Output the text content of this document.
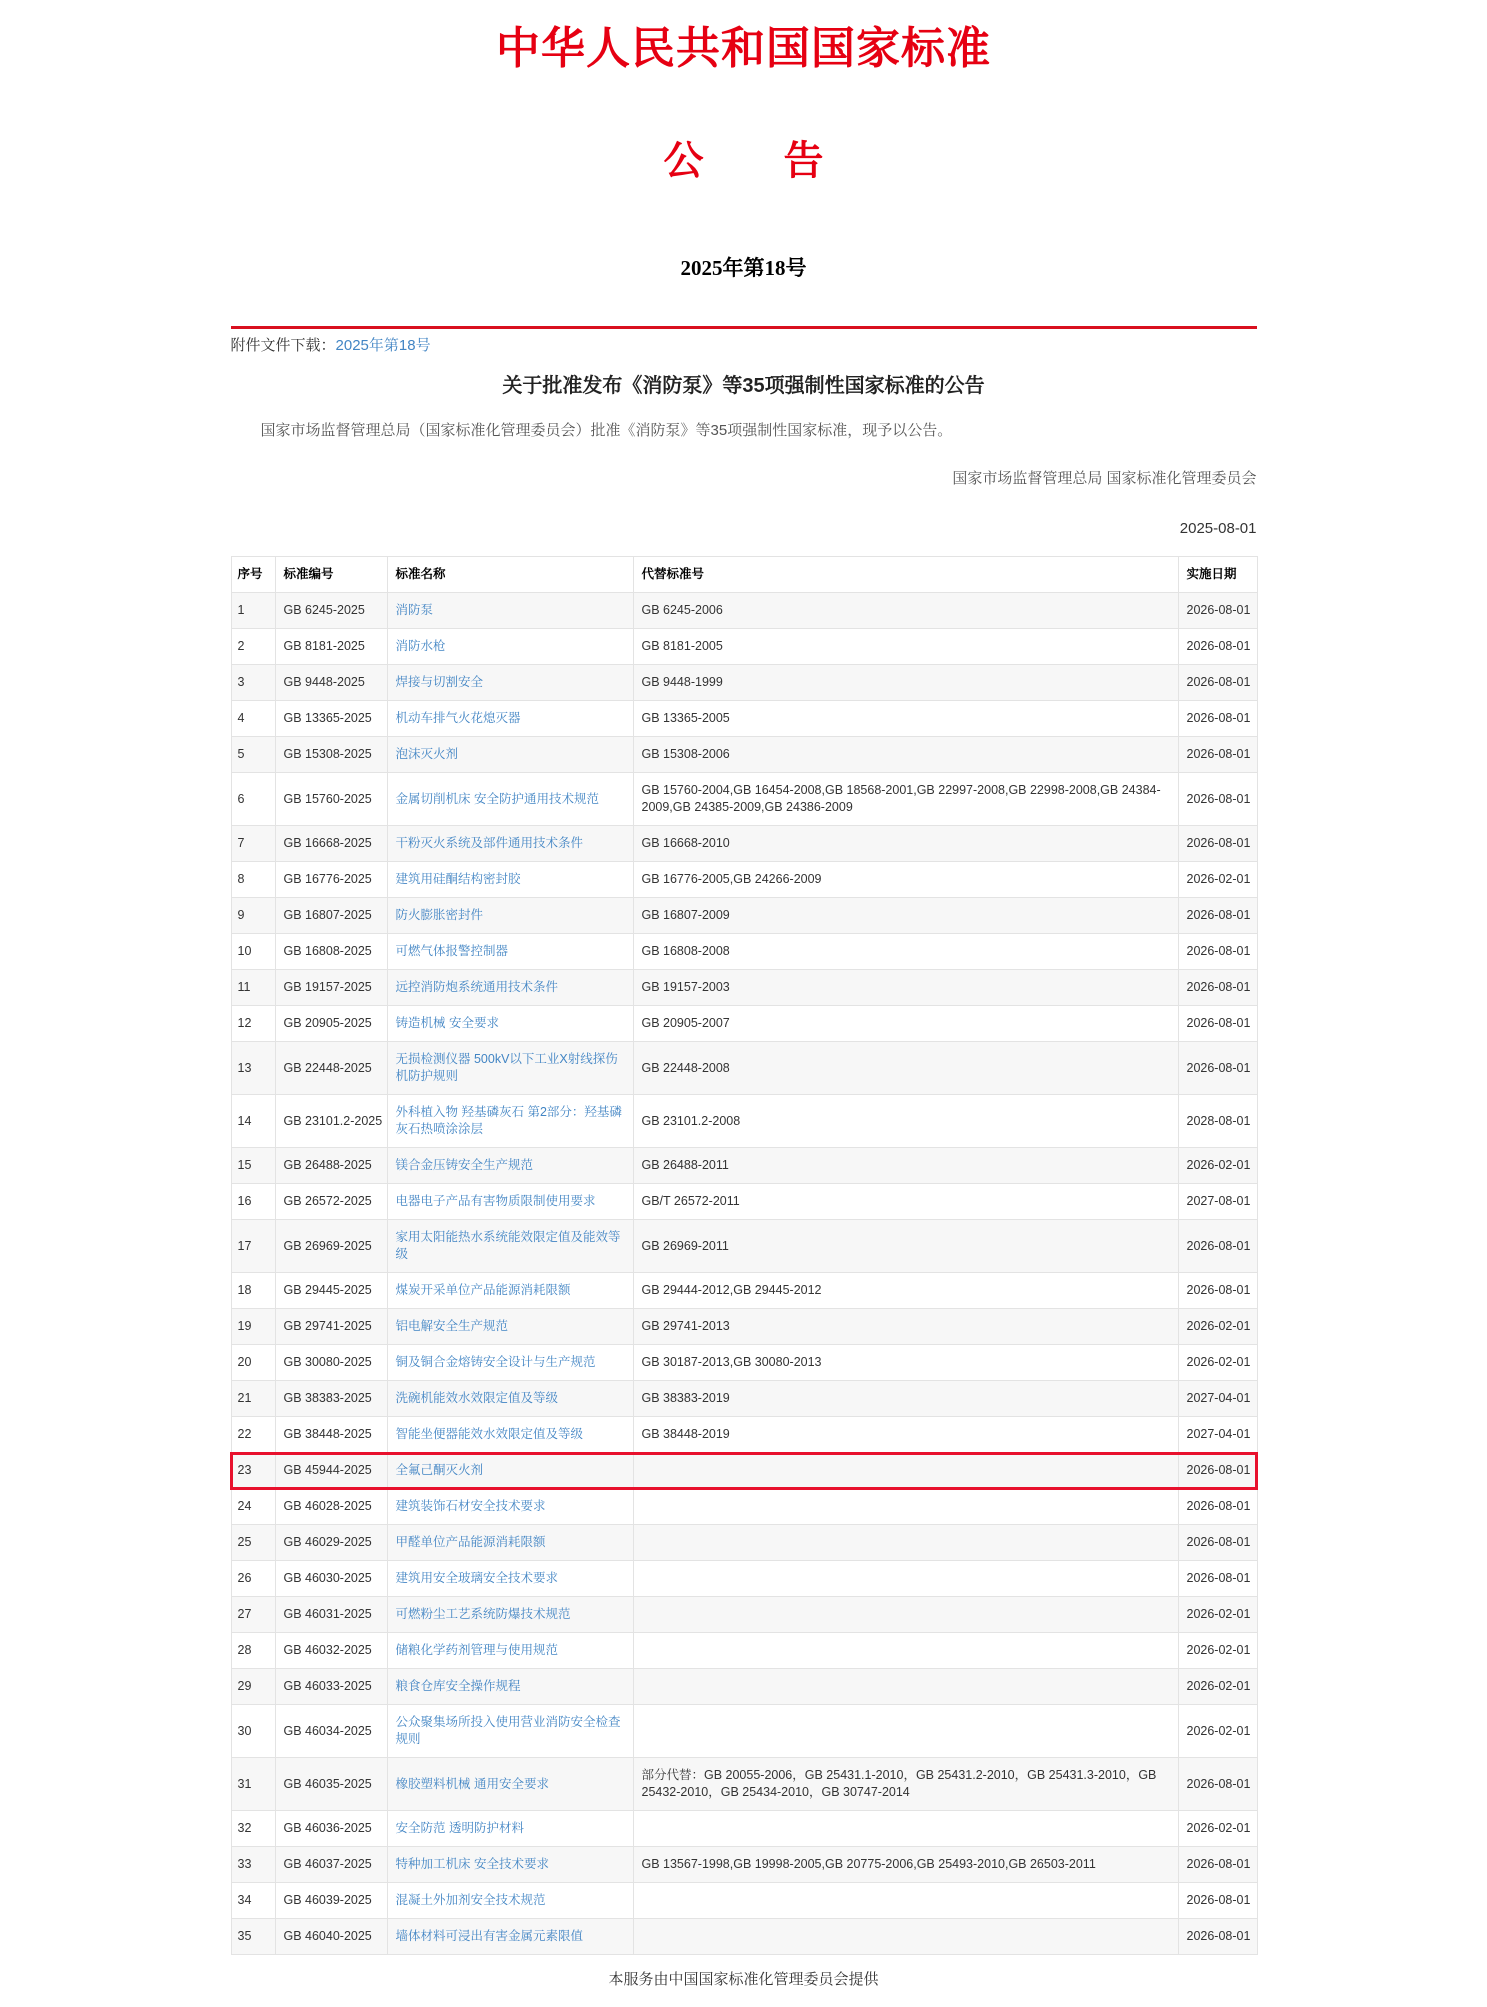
中华人民共和国国家标准
公　　告
2025年第18号
附件文件下载：2025年第18号
关于批准发布《消防泵》等35项强制性国家标准的公告

国家市场监督管理总局（国家标准化管理委员会）批准《消防泵》等35项强制性国家标准，现予以公告。

国家市场监督管理总局 国家标准化管理委员会
2025-08-01
序号	标准编号	标准名称	代替标准号	实施日期
1	GB 6245-2025	消防泵	GB 6245-2006	2026-08-01
2	GB 8181-2025	消防水枪	GB 8181-2005	2026-08-01
3	GB 9448-2025	焊接与切割安全	GB 9448-1999	2026-08-01
4	GB 13365-2025	机动车排气火花熄灭器	GB 13365-2005	2026-08-01
5	GB 15308-2025	泡沫灭火剂	GB 15308-2006	2026-08-01
6	GB 15760-2025	金属切削机床 安全防护通用技术规范	GB 15760-2004,GB 16454-2008,GB 18568-2001,GB 22997-2008,GB 22998-2008,GB 24384-2009,GB 24385-2009,GB 24386-2009	2026-08-01
7	GB 16668-2025	干粉灭火系统及部件通用技术条件	GB 16668-2010	2026-08-01
8	GB 16776-2025	建筑用硅酮结构密封胶	GB 16776-2005,GB 24266-2009	2026-02-01
9	GB 16807-2025	防火膨胀密封件	GB 16807-2009	2026-08-01
10	GB 16808-2025	可燃气体报警控制器	GB 16808-2008	2026-08-01
11	GB 19157-2025	远控消防炮系统通用技术条件	GB 19157-2003	2026-08-01
12	GB 20905-2025	铸造机械 安全要求	GB 20905-2007	2026-08-01
13	GB 22448-2025	无损检测仪器 500kV以下工业X射线探伤机防护规则	GB 22448-2008	2026-08-01
14	GB 23101.2-2025	外科植入物 羟基磷灰石 第2部分：羟基磷灰石热喷涂涂层	GB 23101.2-2008	2028-08-01
15	GB 26488-2025	镁合金压铸安全生产规范	GB 26488-2011	2026-02-01
16	GB 26572-2025	电器电子产品有害物质限制使用要求	GB/T 26572-2011	2027-08-01
17	GB 26969-2025	家用太阳能热水系统能效限定值及能效等级	GB 26969-2011	2026-08-01
18	GB 29445-2025	煤炭开采单位产品能源消耗限额	GB 29444-2012,GB 29445-2012	2026-08-01
19	GB 29741-2025	铝电解安全生产规范	GB 29741-2013	2026-02-01
20	GB 30080-2025	铜及铜合金熔铸安全设计与生产规范	GB 30187-2013,GB 30080-2013	2026-02-01
21	GB 38383-2025	洗碗机能效水效限定值及等级	GB 38383-2019	2027-04-01
22	GB 38448-2025	智能坐便器能效水效限定值及等级	GB 38448-2019	2027-04-01
23	GB 45944-2025	全氟己酮灭火剂		2026-08-01
24	GB 46028-2025	建筑装饰石材安全技术要求		2026-08-01
25	GB 46029-2025	甲醛单位产品能源消耗限额		2026-08-01
26	GB 46030-2025	建筑用安全玻璃安全技术要求		2026-08-01
27	GB 46031-2025	可燃粉尘工艺系统防爆技术规范		2026-02-01
28	GB 46032-2025	储粮化学药剂管理与使用规范		2026-02-01
29	GB 46033-2025	粮食仓库安全操作规程		2026-02-01
30	GB 46034-2025	公众聚集场所投入使用营业消防安全检查规则		2026-02-01
31	GB 46035-2025	橡胶塑料机械 通用安全要求	部分代替：GB 20055-2006，GB 25431.1-2010，GB 25431.2-2010，GB 25431.3-2010，GB 25432-2010，GB 25434-2010，GB 30747-2014	2026-08-01
32	GB 46036-2025	安全防范 透明防护材料		2026-02-01
33	GB 46037-2025	特种加工机床 安全技术要求	GB 13567-1998,GB 19998-2005,GB 20775-2006,GB 25493-2010,GB 26503-2011	2026-08-01
34	GB 46039-2025	混凝土外加剂安全技术规范		2026-08-01
35	GB 46040-2025	墙体材料可浸出有害金属元素限值		2026-08-01
本服务由中国国家标准化管理委员会提供
